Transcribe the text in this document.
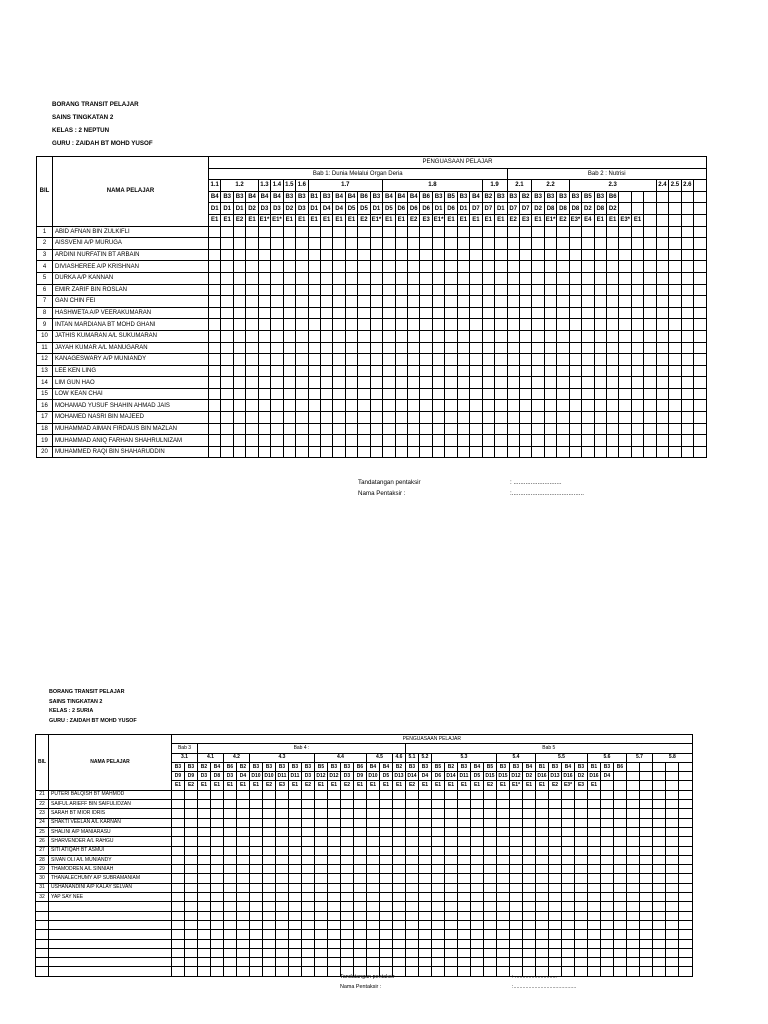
BORANG TRANSIT PELAJAR
SAINS TINGKATAN 2
KELAS : 2 NEPTUN
GURU : ZAIDAH BT MOHD YUSOF
BIL	NAMA PELAJAR	PENGUASAAN PELAJAR																																							
		Bab 1: Dunia Melalui Organ Deria																								Bab 2 : Nutrisi															
		1.1	1.2			1.3	1.4	1.5	1.6	1.7						1.8								1.9		2.1		2.2			2.3							2.4	2.5	2.6	
		B4	B3	B3	B4	B4	B4	B3	B3	B1	B3	B4	B4	B6	B3	B4	B4	B4	B6	B3	B5	B3	B4	B2	B3	B3	B2	B3	B3	B3	B3	B5	B3	B6							
		D1	D1	D1	D2	D3	D3	D2	D3	D1	D4	D4	D5	D5	D1	D5	D6	D6	D6	D1	D6	D1	D7	D7	D1	D7	D7	D2	D8	D8	D8	D2	D8	D2							
		E1	E1	E2	E1	E1*	E1*	E1	E1	E1	E1	E1	E1	E2	E1*	E1	E1	E2	E3	E1*	E1	E1	E1	E1	E1	E2	E3	E1	E1*	E2	E3*	E4	E1	E1	E3*	E1					
1	ABID AFNAN BIN ZULKIFLI																																								
2	AISSVENI A/P MURUGA																																								
3	ARDINI NURFATIN BT ARBAIN																																								
4	DIVIASHEREE A/P KRISHNAN																																								
5	DURKA A/P KANNAN																																								
6	EMIR ZARIF BIN ROSLAN																																								
7	GAN CHIN FEI																																								
8	HASHWETA A/P VEERAKUMARAN																																								
9	INTAN MARDIANA BT MOHD GHANI																																								
10	JATHIS KUMARAN A/L SUKUMARAN																																								
11	JAYAH KUMAR A/L MANUGARAN																																								
12	KANAGESWARY A/P MUNIANDY																																								
13	LEE KEN LING																																								
14	LIM GUN HAO																																								
15	LOW KEAN CHAI																																								
16	MOHAMAD YUSUF SHAHIN AHMAD JAIS																																								
17	MOHAMED NASRI BIN MAJEED																																								
18	MUHAMMAD AIMAN FIRDAUS BIN MAZLAN																																								
19	MUHAMMAD ANIQ FARHAN SHAHRULNIZAM																																								
20	MUHAMMED RAQI BIN SHAHARUDDIN																																								
Tandatangan pentaksir	: ............................
Nama Pentaksir :	:..........................................
BORANG TRANSIT PELAJAR
SAINS TINGKATAN 2
KELAS : 2 SURIA
GURU : ZAIDAH BT MOHD YUSOF
BIL	NAMA PELAJAR	PENGUASAAN PELAJAR																																							
		Bab 3		Bab 4 :																Bab 5																					
		3.1		4.1		4.2		4.3					4.4				4.5		4.6	5.1	5.2	5.3					5.4			5.5				5.6			5.7		5.8		
		B3	B3	B2	B4	B6	B2	B3	B3	B3	B3	B3	B5	B3	B3	B6	B4	B4	B2	B3	B3	B5	B2	B3	B4	B5	B3	B3	B4	B1	B3	B4	B3	B1	B3	B6					
		D9	D9	D3	D8	D3	D4	D10	D10	D11	D11	D3	D12	D12	D3	D9	D10	D5	D13	D14	D4	D6	D14	D11	D5	D15	D15	D12	D2	D16	D13	D16	D2	D16	D4						
		E1	E2	E1	E1	E1	E1	E1	E2	E3	E1	E2	E1	E1	E2	E1	E1	E1	E1	E2	E1	E1	E1	E1	E1	E2	E1	E1*	E1	E1	E2	E3*	E3	E1							
21	PUTERI BALQISH BT MAHMOD																																								
22	SAIFUL ARIEFF BIN SAIFULIDZAN																																								
23	SARAH BT MIOR IDRIS																																								
24	SHAKTI VEELAN A/L KARNAN																																								
25	SHALINI A/P MANIARASU																																								
26	SHARVENDER A/L RAHGU																																								
27	SITI ATIQAH BT ASMUI																																								
28	SIVAN OLI A/L MUNIANDY																																								
29	THAMODREN A/L SINNIAH																																								
30	THANALECHUMY A/P SUBRAMANIAM																																								
31	USHANANDINI A/P KALAY SELVAN																																								
32	YAP SAY NEE																																								

Tandatangan pentaksir	: ............................
Nama Pentaksir :	:..........................................
